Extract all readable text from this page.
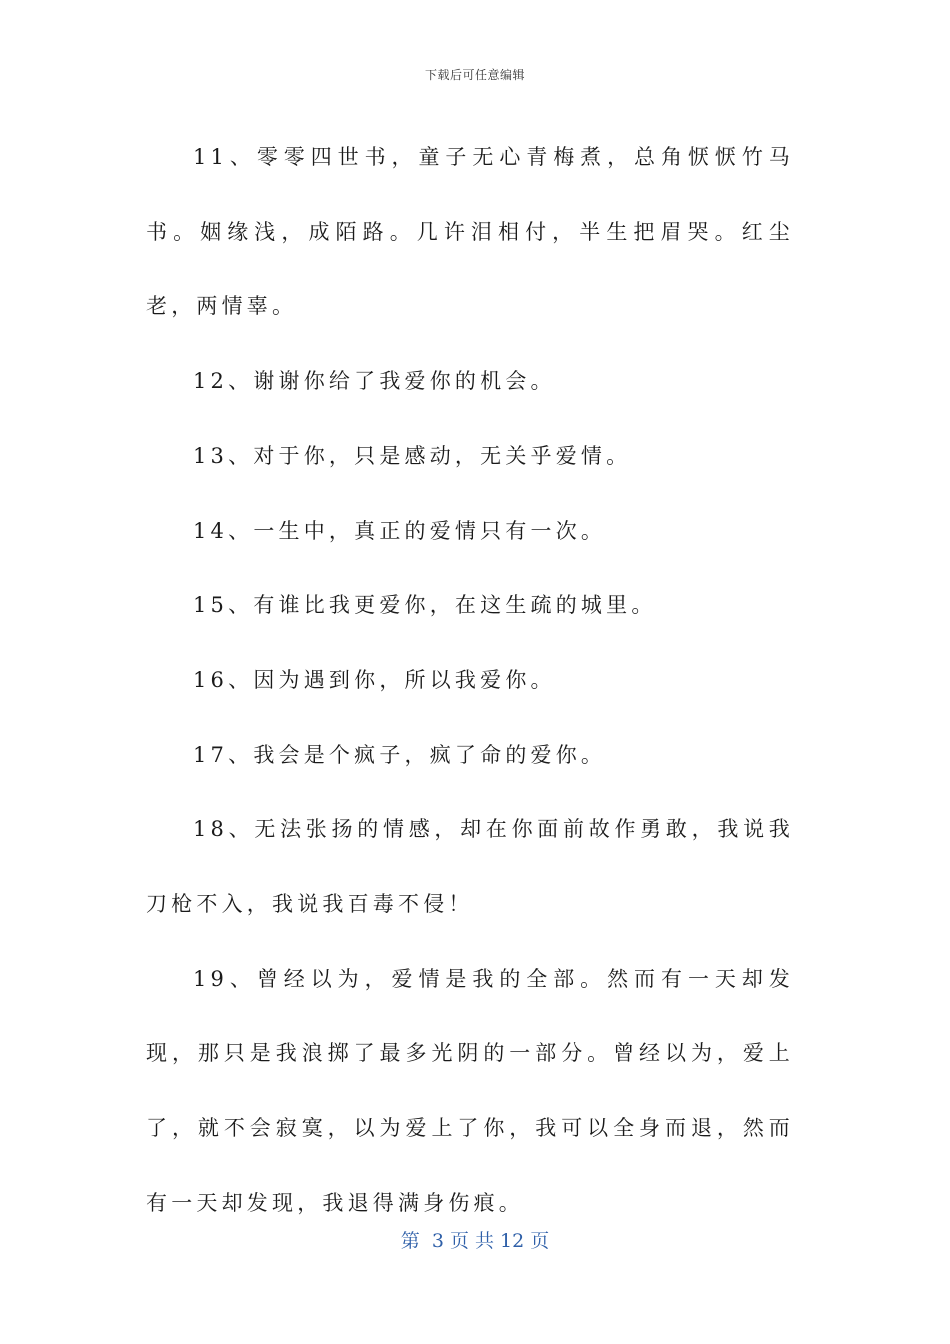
下载后可任意编辑

11、零零四世书，童子无心青梅煮，总角恹恹竹马书。姻缘浅，成陌路。几许泪相付，半生把眉哭。红尘老，两情辜。

12、谢谢你给了我爱你的机会。

13、对于你，只是感动，无关乎爱情。

14、一生中，真正的爱情只有一次。

15、有谁比我更爱你，在这生疏的城里。

16、因为遇到你，所以我爱你。

17、我会是个疯子，疯了命的爱你。

18、无法张扬的情感，却在你面前故作勇敢，我说我刀枪不入，我说我百毒不侵！

19、曾经以为，爱情是我的全部。然而有一天却发现，那只是我浪掷了最多光阴的一部分。曾经以为，爱上了，就不会寂寞，以为爱上了你，我可以全身而退，然而有一天却发现，我退得满身伤痕。

第  3 页 共 12 页
